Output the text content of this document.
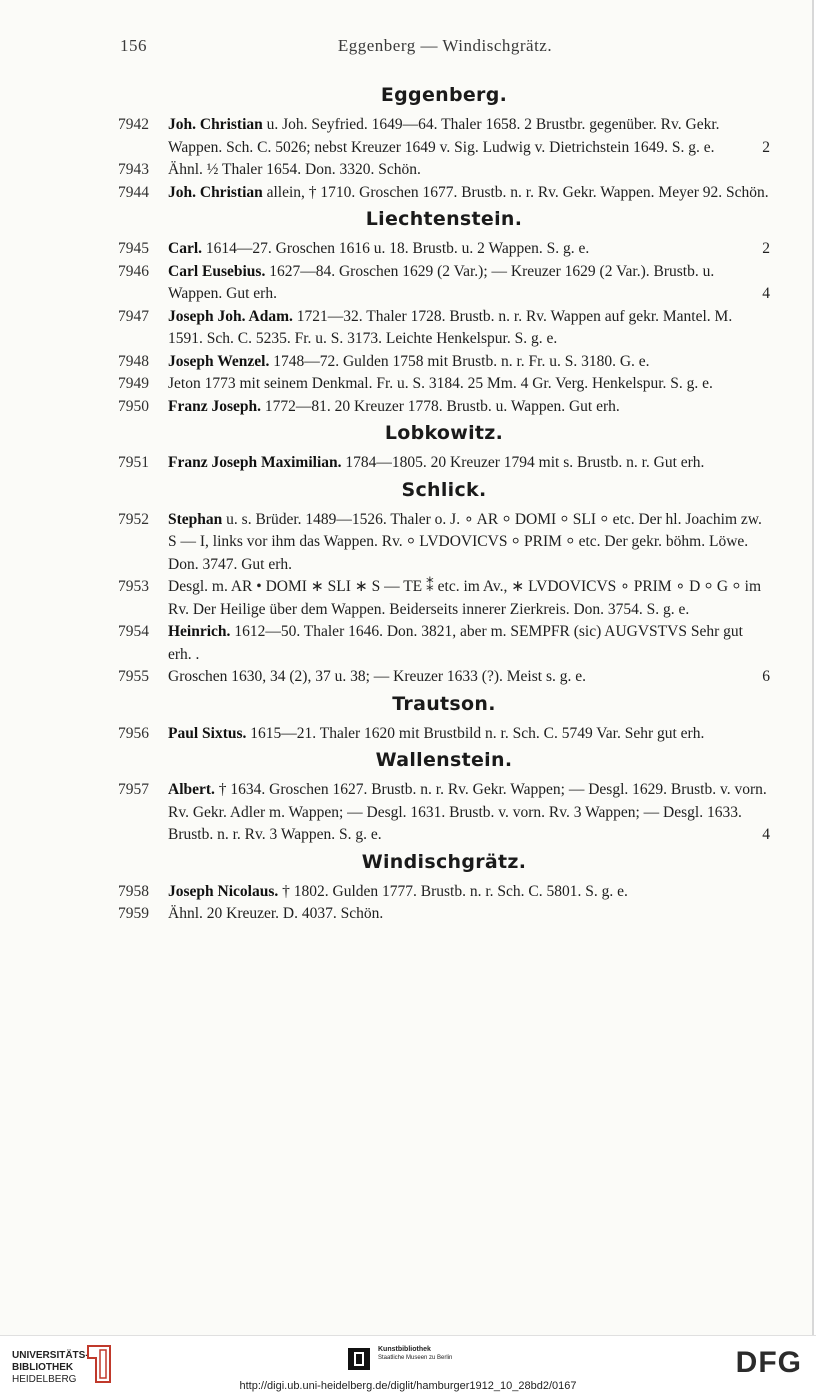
156	Eggenberg — Windischgrätz.
Eggenberg.
7942	Joh. Christian u. Joh. Seyfried. 1649—64. Thaler 1658. 2 Brustbr. gegenüber. Rv. Gekr. Wappen. Sch. C. 5026; nebst Kreuzer 1649 v. Sig. Ludwig v. Dietrichstein 1649. S. g. e.	2
7943	Ähnl. ½ Thaler 1654. Don. 3320. Schön.
7944	Joh. Christian allein, † 1710. Groschen 1677. Brustb. n. r. Rv. Gekr. Wappen. Meyer 92. Schön.
Liechtenstein.
7945	Carl. 1614—27. Groschen 1616 u. 18. Brustb. u. 2 Wappen. S. g. e.	2
7946	Carl Eusebius. 1627—84. Groschen 1629 (2 Var.); — Kreuzer 1629 (2 Var.). Brustb. u. Wappen. Gut erh.	4
7947	Joseph Joh. Adam. 1721—32. Thaler 1728. Brustb. n. r. Rv. Wappen auf gekr. Mantel. M. 1591. Sch. C. 5235. Fr. u. S. 3173. Leichte Henkelspur. S. g. e.
7948	Joseph Wenzel. 1748—72. Gulden 1758 mit Brustb. n. r. Fr. u. S. 3180. G. e.
7949	Jeton 1773 mit seinem Denkmal. Fr. u. S. 3184. 25 Mm. 4 Gr. Verg. Henkelspur. S. g. e.
7950	Franz Joseph. 1772—81. 20 Kreuzer 1778. Brustb. u. Wappen. Gut erh.
Lobkowitz.
7951	Franz Joseph Maximilian. 1784—1805. 20 Kreuzer 1794 mit s. Brustb. n. r. Gut erh.
Schlick.
7952	Stephan u. s. Brüder. 1489—1526. Thaler o. J. ∘ AR ⸰ DOMI ⸰ SLI ⸰ etc. Der hl. Joachim zw. S — I, links vor ihm das Wappen. Rv. ⸰ LVDOVICVS ⸰ PRIM ⸰ etc. Der gekr. böhm. Löwe. Don. 3747. Gut erh.
7953	Desgl. m. AR • DOMI ∗ SLI ∗ S — TE ⁑ etc. im Av., ∗ LVDOVICVS ∘ PRIM ∘ D ⸰ G ⸰ im Rv. Der Heilige über dem Wappen. Beiderseits innerer Zierkreis. Don. 3754. S. g. e.
7954	Heinrich. 1612—50. Thaler 1646. Don. 3821, aber m. SEMPFR (sic) AUGVSTVS Sehr gut erh. .
7955	Groschen 1630, 34 (2), 37 u. 38; — Kreuzer 1633 (?). Meist s. g. e.	6
Trautson.
7956	Paul Sixtus. 1615—21. Thaler 1620 mit Brustbild n. r. Sch. C. 5749 Var. Sehr gut erh.
Wallenstein.
7957	Albert. † 1634. Groschen 1627. Brustb. n. r. Rv. Gekr. Wappen; — Desgl. 1629. Brustb. v. vorn. Rv. Gekr. Adler m. Wappen; — Desgl. 1631. Brustb. v. vorn. Rv. 3 Wappen; — Desgl. 1633. Brustb. n. r. Rv. 3 Wappen. S. g. e.	4
Windischgrätz.
7958	Joseph Nicolaus. † 1802. Gulden 1777. Brustb. n. r. Sch. C. 5801. S. g. e.
7959	Ähnl. 20 Kreuzer. D. 4037. Schön.
UNIVERSITÄTS-
BIBLIOTHEK
HEIDELBERG
Kunstbibliothek
Staatliche Museen zu Berlin	DFG
http://digi.ub.uni-heidelberg.de/diglit/hamburger1912_10_28bd2/0167
